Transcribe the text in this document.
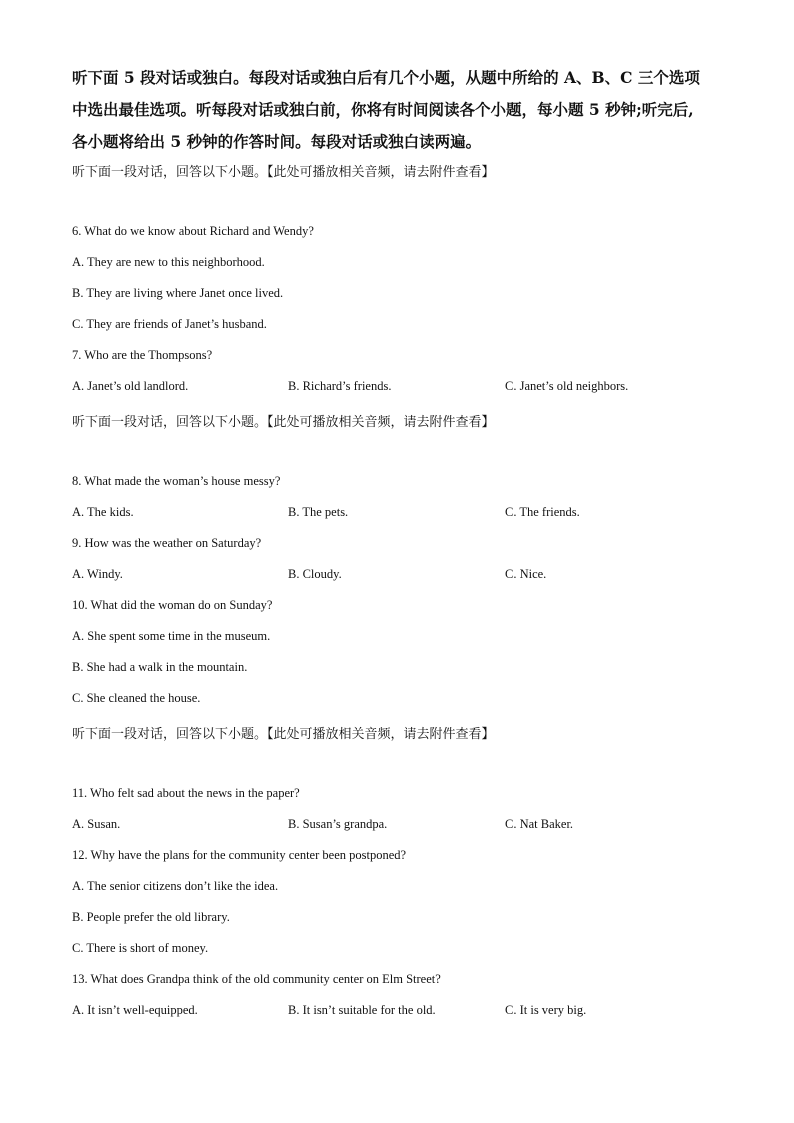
听下面 5 段对话或独白。每段对话或独白后有几个小题，从题中所给的 A、B、C 三个选项
中选出最佳选项。听每段对话或独白前，你将有时间阅读各个小题，每小题 5 秒钟;听完后,
各小题将给出 5 秒钟的作答时间。每段对话或独白读两遍。
听下面一段对话，回答以下小题。【此处可播放相关音频，请去附件查看】
6. What do we know about Richard and Wendy?
A. They are new to this neighborhood.
B. They are living where Janet once lived.
C. They are friends of Janet’s husband.
7. Who are the Thompsons?
A. Janet’s old landlord.	B. Richard’s friends.	C. Janet’s old neighbors.
听下面一段对话，回答以下小题。【此处可播放相关音频，请去附件查看】
8. What made the woman’s house messy?
A. The kids.	B. The pets.	C. The friends.
9. How was the weather on Saturday?
A. Windy.	B. Cloudy.	C. Nice.
10. What did the woman do on Sunday?
A. She spent some time in the museum.
B. She had a walk in the mountain.
C. She cleaned the house.
听下面一段对话，回答以下小题。【此处可播放相关音频，请去附件查看】
11. Who felt sad about the news in the paper?
A. Susan.	B. Susan’s grandpa.	C. Nat Baker.
12. Why have the plans for the community center been postponed?
A. The senior citizens don’t like the idea.
B. People prefer the old library.
C. There is short of money.
13. What does Grandpa think of the old community center on Elm Street?
A. It isn’t well-equipped.	B. It isn’t suitable for the old.	C. It is very big.
